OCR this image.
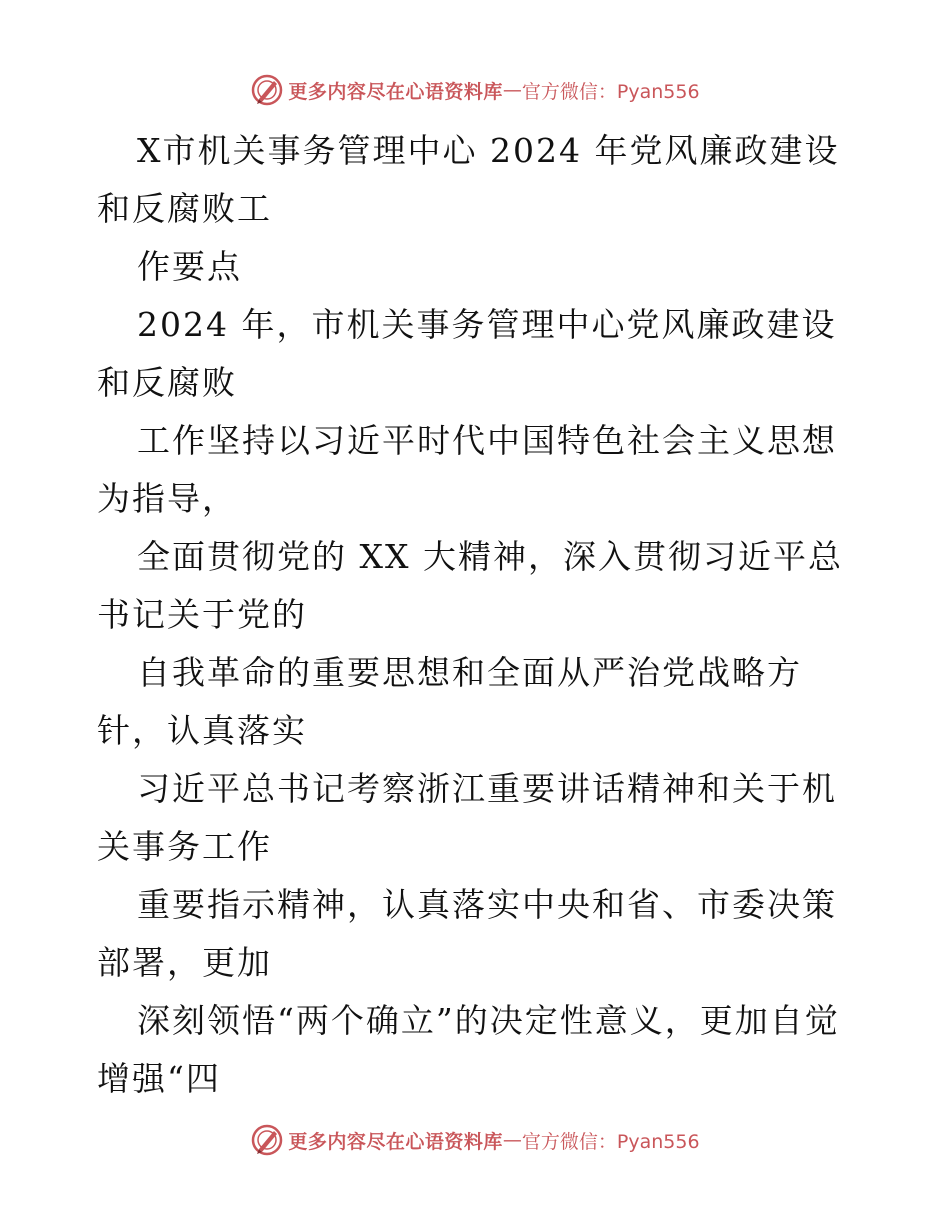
更多内容尽在心语资料库 — 官方微信：Pyan556

X市机关事务管理中心 2024 年党风廉政建设和反腐败工

作要点

2024 年，市机关事务管理中心党风廉政建设和反腐败

工作坚持以习近平时代中国特色社会主义思想为指导，

全面贯彻党的 XX 大精神，深入贯彻习近平总书记关于党的

自我革命的重要思想和全面从严治党战略方针，认真落实

习近平总书记考察浙江重要讲话精神和关于机关事务工作

重要指示精神，认真落实中央和省、市委决策部署，更加

深刻领悟“两个确立”的决定性意义，更加自觉增强“四

更多内容尽在心语资料库 — 官方微信：Pyan556
